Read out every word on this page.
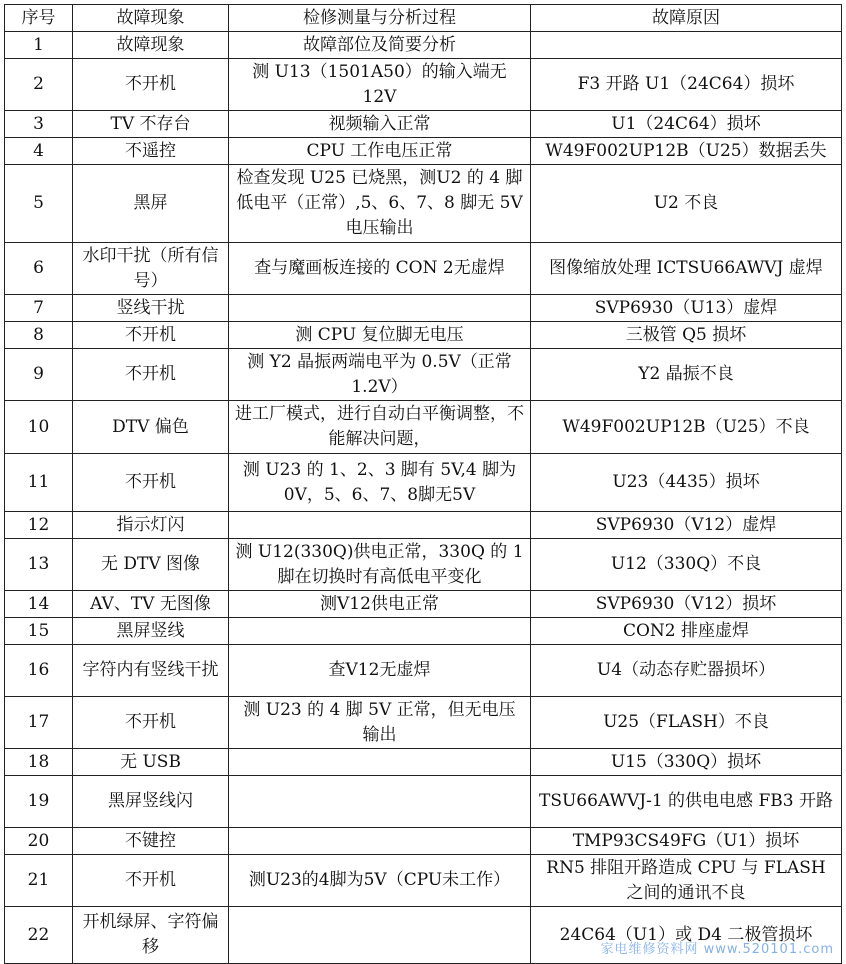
序号	故障现象	检修测量与分析过程	故障原因
1	故障现象	故障部位及简要分析	
2	不开机	测 U13（1501A50）的输入端无 12V	F3 开路 U1（24C64）损坏
3	TV 不存台	视频输入正常	U1（24C64）损坏
4	不遥控	CPU 工作电压正常	W49F002UP12B（U25）数据丢失
5	黑屏	检查发现 U25 已烧黑，测U2 的 4 脚低电平（正常）,5、6、7、8 脚无 5V 电压输出	U2 不良
6	水印干扰（所有信号）	查与魔画板连接的 CON 2无虚焊	图像缩放处理 ICTSU66AWVJ 虚焊
7	竖线干扰		SVP6930（U13）虚焊
8	不开机	测 CPU 复位脚无电压	三极管 Q5 损坏
9	不开机	测 Y2 晶振两端电平为 0.5V（正常 1.2V）	Y2 晶振不良
10	DTV 偏色	进工厂模式，进行自动白平衡调整，不能解决问题，	W49F002UP12B（U25）不良
11	不开机	测 U23 的 1、2、3 脚有 5V,4 脚为 0V，5、6、7、8脚无5V	U23（4435）损坏
12	指示灯闪		SVP6930（V12）虚焊
13	无 DTV 图像	测 U12(330Q)供电正常，330Q 的 1 脚在切换时有高低电平变化	U12（330Q）不良
14	AV、TV 无图像	测V12供电正常	SVP6930（V12）损坏
15	黑屏竖线		CON2 排座虚焊
16	字符内有竖线干扰	查V12无虚焊	U4（动态存贮器损坏）
17	不开机	测 U23 的 4 脚 5V 正常，但无电压输出	U25（FLASH）不良
18	无 USB		U15（330Q）损坏
19	黑屏竖线闪		TSU66AWVJ-1 的供电电感 FB3 开路
20	不键控		TMP93CS49FG（U1）损坏
21	不开机	测U23的4脚为5V（CPU未工作）	RN5 排阻开路造成 CPU 与 FLASH 之间的通讯不良
22	开机绿屏、字符偏移		24C64（U1）或 D4 二极管损坏
家电维修资料网 www.520101.com
